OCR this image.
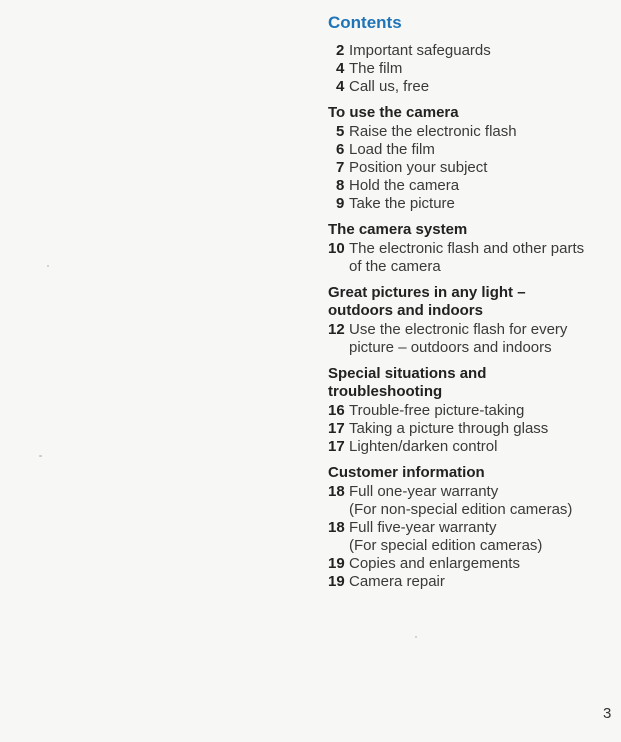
Contents
2 Important safeguards
4 The film
4 Call us, free
To use the camera
5 Raise the electronic flash
6 Load the film
7 Position your subject
8 Hold the camera
9 Take the picture
The camera system
10 The electronic flash and other parts
of the camera
Great pictures in any light –
outdoors and indoors
12 Use the electronic flash for every
picture – outdoors and indoors
Special situations and
troubleshooting
16 Trouble-free picture-taking
17 Taking a picture through glass
17 Lighten/darken control
Customer information
18 Full one-year warranty
(For non-special edition cameras)
18 Full five-year warranty
(For special edition cameras)
19 Copies and enlargements
19 Camera repair
3
